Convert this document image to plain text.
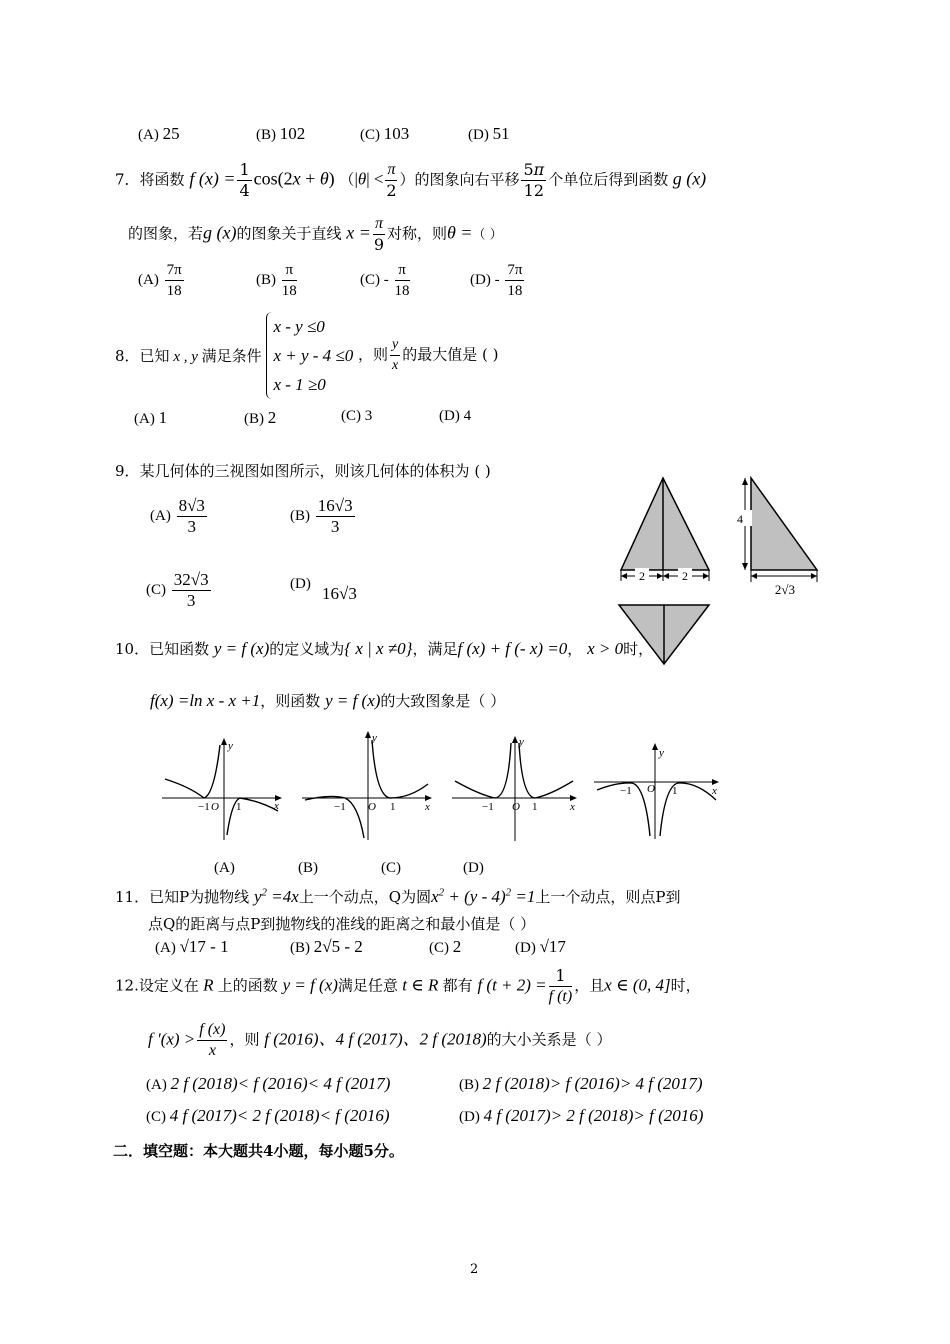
(A) 25	(B) 102	(C) 103	(D) 51
7．将函数 f $(x) = \frac{1}{4} \cos(2x + \theta) (|\theta| < \frac{\pi}{2}$ ）的图象向右平移 $\frac{5\pi}{12}$ 个单位后得到函数 g (x)
的图象，若g (x)的图象关于直线 $x = \frac{\pi}{9}$ 对称，则θ =（ ）
$(A) \frac{7\pi}{18}$	$(B) \frac{\pi}{18}$	$(C) - \frac{\pi}{18}$	$(D) - \frac{7\pi}{18}$
8．已知 x , y 满足条件
x - y ≤0
x + y - 4 ≤0
x - 1 ≥0
，则 $\frac{y}{x}$ 的最大值是 ( )
(A) 1	(B) 2	(C) 3	(D) 4
9．某几何体的三视图如图所示，则该几何体的体积为 ( )
$(A) \frac{8√3}{3}$	$(B) \frac{16√3}{3}$
$(C) \frac{32√3}{3}$	(D) 16√3
2	2
4
2√3
10．已知函数 y = f (x)的定义域为{ x | x ≠0}，满足f (x) + f (- x) =0， x > 0时，
f(x) =ln x - x +1，则函数 y = f (x)的大致图象是（ ）
y
x
O
−1 1
y
x
O
−1	1
y
x
O
−1	1
y
x
O
−1	1
(A)	(B)	(C)	(D)
11．已知P为抛物线 $y^2 =4x$上一个动点，Q为圆$x^2 + (y - 4)^2 =1$上一个动点，则点P到
点Q的距离与点P到抛物线的准线的距离之和最小值是（ ）
(A) √17 - 1	(B) 2√5 - 2	(C) 2	(D) √17
12.设定义在 R 上的函数 y = f (x)满足任意 t ∈ R 都有 f $(t + 2) = \frac{1}{f (t)}$ ，且x ∈ (0, 4]时，
f $'(x) > \frac{f (x)}{x}$ ，则 f (2016)、4 f (2017)、2 f (2018)的大小关系是（ ）
(A) 2 f (2018)< f (2016)< 4 f (2017)	(B) 2 f (2018)> f (2016)> 4 f (2017)
(C) 4 f (2017)< 2 f (2018)< f (2016)	(D) 4 f (2017)> 2 f (2018)> f (2016)
二．填空题：本大题共4小题，每小题5分。
2
